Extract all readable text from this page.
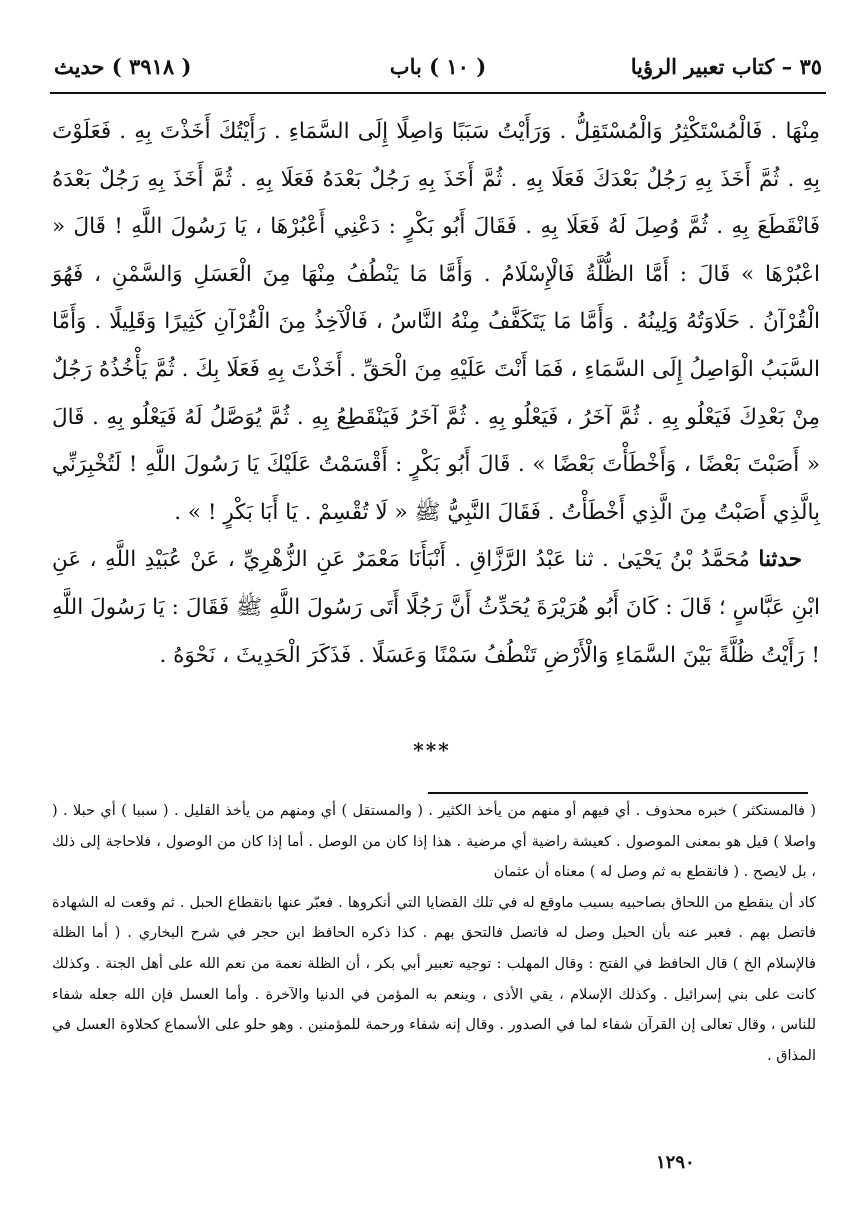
٣٥ – كتاب تعبير الرؤيا
( ١٠ ) باب
( ٣٩١٨ ) حديث

مِنْهَا . فَالْمُسْتَكْثِرُ وَالْمُسْتَقِلُّ . وَرَأَيْتُ سَبَبًا وَاصِلًا إِلَى السَّمَاءِ . رَأَيْتُكَ أَخَذْتَ بِهِ . فَعَلَوْتَ بِهِ . ثُمَّ أَخَذَ بِهِ رَجُلٌ بَعْدَكَ فَعَلَا بِهِ . ثُمَّ أَخَذَ بِهِ رَجُلٌ بَعْدَهُ فَعَلَا بِهِ . ثُمَّ أَخَذَ بِهِ رَجُلٌ بَعْدَهُ فَانْقَطَعَ بِهِ . ثُمَّ وُصِلَ لَهُ فَعَلَا بِهِ . فَقَالَ أَبُو بَكْرٍ : دَعْنِي أَعْبُرْهَا ، يَا رَسُولَ اللَّهِ ! قَالَ « اعْبُرْهَا » قَالَ : أَمَّا الظُّلَّةُ فَالْإِسْلَامُ . وَأَمَّا مَا يَنْطُفُ مِنْهَا مِنَ الْعَسَلِ وَالسَّمْنِ ، فَهُوَ الْقُرْآنُ . حَلَاوَتُهُ وَلِينُهُ . وَأَمَّا مَا يَتَكَفَّفُ مِنْهُ النَّاسُ ، فَالْآخِذُ مِنَ الْقُرْآنِ كَثِيرًا وَقَلِيلًا . وَأَمَّا السَّبَبُ الْوَاصِلُ إِلَى السَّمَاءِ ، فَمَا أَنْتَ عَلَيْهِ مِنَ الْحَقِّ . أَخَذْتَ بِهِ فَعَلَا بِكَ . ثُمَّ يَأْخُذُهُ رَجُلٌ مِنْ بَعْدِكَ فَيَعْلُو بِهِ . ثُمَّ آخَرُ ، فَيَعْلُو بِهِ . ثُمَّ آخَرُ فَيَنْقَطِعُ بِهِ . ثُمَّ يُوَصَّلُ لَهُ فَيَعْلُو بِهِ . قَالَ « أَصَبْتَ بَعْضًا ، وَأَخْطَأْتَ بَعْضًا » . قَالَ أَبُو بَكْرٍ : أَقْسَمْتُ عَلَيْكَ يَا رَسُولَ اللَّهِ ! لَتُخْبِرَنِّي بِالَّذِي أَصَبْتُ مِنَ الَّذِي أَخْطَأْتُ . فَقَالَ النَّبِيُّ ﷺ « لَا تُقْسِمْ . يَا أَبَا بَكْرٍ ! » .

حدثنا مُحَمَّدُ بْنُ يَحْيَىٰ . ثنا عَبْدُ الرَّزَّاقِ . أَنْبَأَنَا مَعْمَرٌ عَنِ الزُّهْرِيِّ ، عَنْ عُبَيْدِ اللَّهِ ، عَنِ ابْنِ عَبَّاسٍ ؛ قَالَ : كَانَ أَبُو هُرَيْرَةَ يُحَدِّثُ أَنَّ رَجُلًا أَتَى رَسُولَ اللَّهِ ﷺ فَقَالَ : يَا رَسُولَ اللَّهِ ! رَأَيْتُ ظُلَّةً بَيْنَ السَّمَاءِ وَالْأَرْضِ تَنْطُفُ سَمْنًا وَعَسَلًا . فَذَكَرَ الْحَدِيثَ ، نَحْوَهُ .

***

( فالمستكثر ) خبره محذوف . أي فيهم أو منهم من يأخذ الكثير . ( والمستقل ) أي ومنهم من يأخذ القليل . ( سببا ) أي حبلا . ( واصلا ) قيل هو بمعنى الموصول . كعيشة راضية أي مرضية . هذا إذا كان من الوصل . أما إذا كان من الوصول ، فلاحاجة إلى ذلك ، بل لايصح . ( فانقطع به ثم وصل له ) معناه أن عثمان

كاد أن ينقطع من اللحاق بصاحبيه بسبب ماوقع له في تلك القضايا التي أنكروها . فعبّر عنها بانقطاع الحبل . ثم وقعت له الشهادة فاتصل بهم . فعبر عنه بأن الحبل وصل له فاتصل فالتحق بهم . كذا ذكره الحافظ ابن حجر في شرح البخاري . ( أما الظلة فالإسلام الخ ) قال الحافظ في الفتح : وقال المهلب : توجيه تعبير أبي بكر ، أن الظلة نعمة من نعم الله على أهل الجنة . وكذلك كانت على بني إسرائيل . وكذلك الإسلام ، يقي الأذى ، وينعم به المؤمن في الدنيا والآخرة . وأما العسل فإن الله جعله شفاء للناس ، وقال تعالى إن القرآن شفاء لما في الصدور . وقال إنه شفاء ورحمة للمؤمنين . وهو حلو على الأسماع كحلاوة العسل في المذاق .

١٢٩٠
